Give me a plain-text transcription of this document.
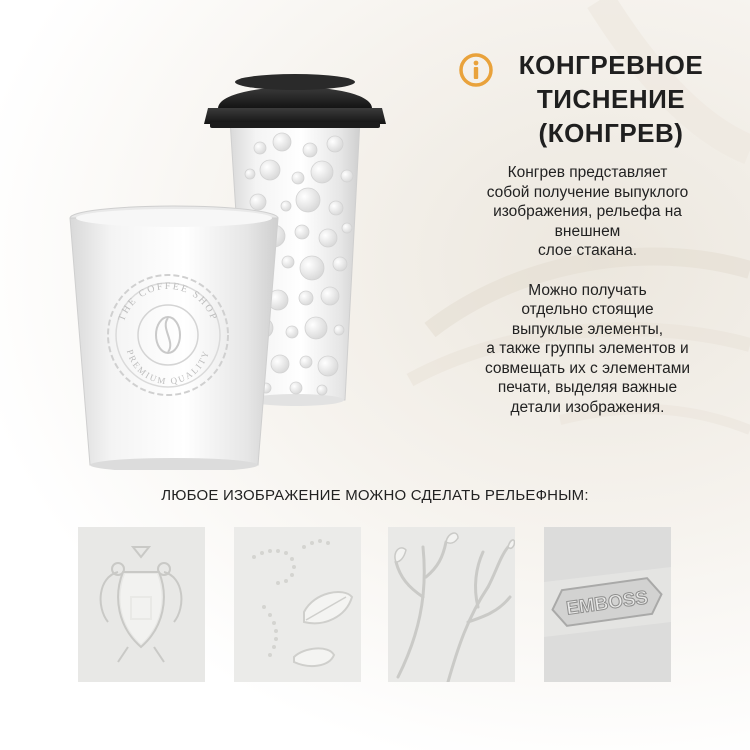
THE COFFEE SHOP
PREMIUM QUALITY
КОНГРЕВНОЕ
ТИСНЕНИЕ
(КОНГРЕВ)

Конгрев представляет
собой получение выпуклого
изображения, рельефа на
внешнем
слое стакана.

Можно получать
отдельно стоящие
выпуклые элементы,
а также группы элементов и
совмещать их с элементами
печати, выделяя важные
детали изображения.

ЛЮБОЕ ИЗОБРАЖЕНИЕ МОЖНО СДЕЛАТЬ РЕЛЬЕФНЫМ:
EMBOSS
